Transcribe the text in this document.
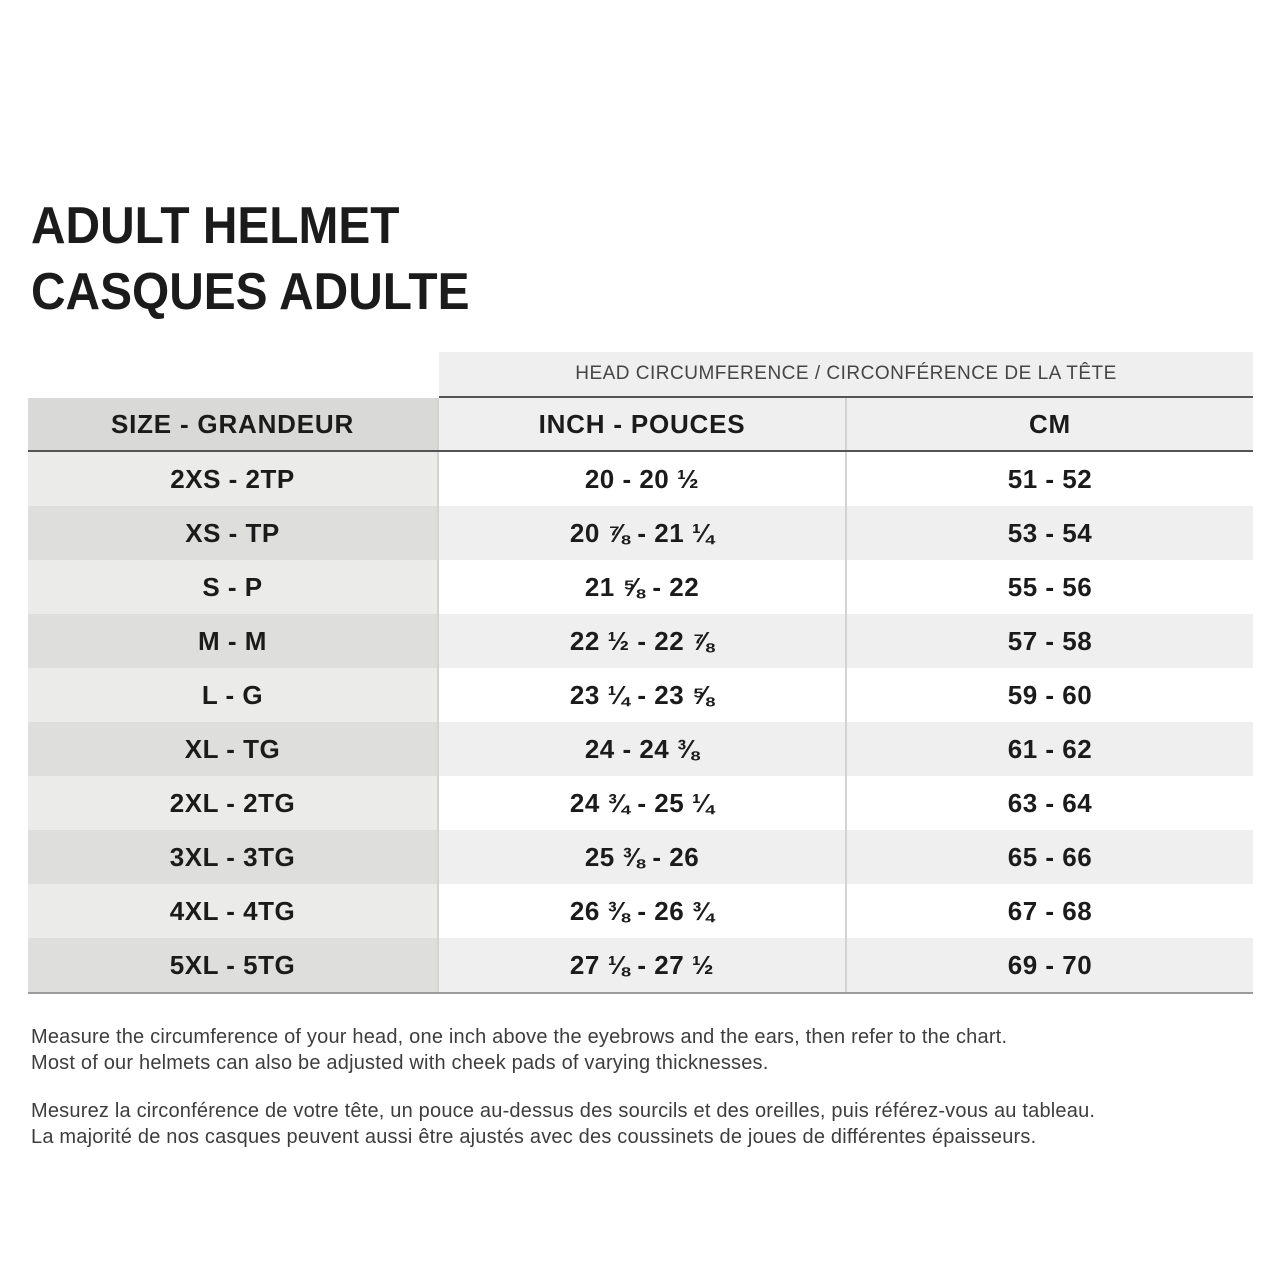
ADULT HELMET
CASQUES ADULTE
HEAD CIRCUMFERENCE / CIRCONFÉRENCE DE LA TÊTE
SIZE - GRANDEUR	INCH - POUCES	CM
2XS - 2TP	20 - 20 ½	51 - 52
XS - TP	20 ⅞ - 21 ¼	53 - 54
S - P	21 ⅝ - 22	55 - 56
M - M	22 ½ - 22 ⅞	57 - 58
L - G	23 ¼ - 23 ⅝	59 - 60
XL - TG	24 - 24 ⅜	61 - 62
2XL - 2TG	24 ¾ - 25 ¼	63 - 64
3XL - 3TG	25 ⅜ - 26	65 - 66
4XL - 4TG	26 ⅜ - 26 ¾	67 - 68
5XL - 5TG	27 ⅛ - 27 ½	69 - 70

Measure the circumference of your head, one inch above the eyebrows and the ears, then refer to the chart.
Most of our helmets can also be adjusted with cheek pads of varying thicknesses.

Mesurez la circonférence de votre tête, un pouce au-dessus des sourcils et des oreilles, puis référez-vous au tableau.
La majorité de nos casques peuvent aussi être ajustés avec des coussinets de joues de différentes épaisseurs.
